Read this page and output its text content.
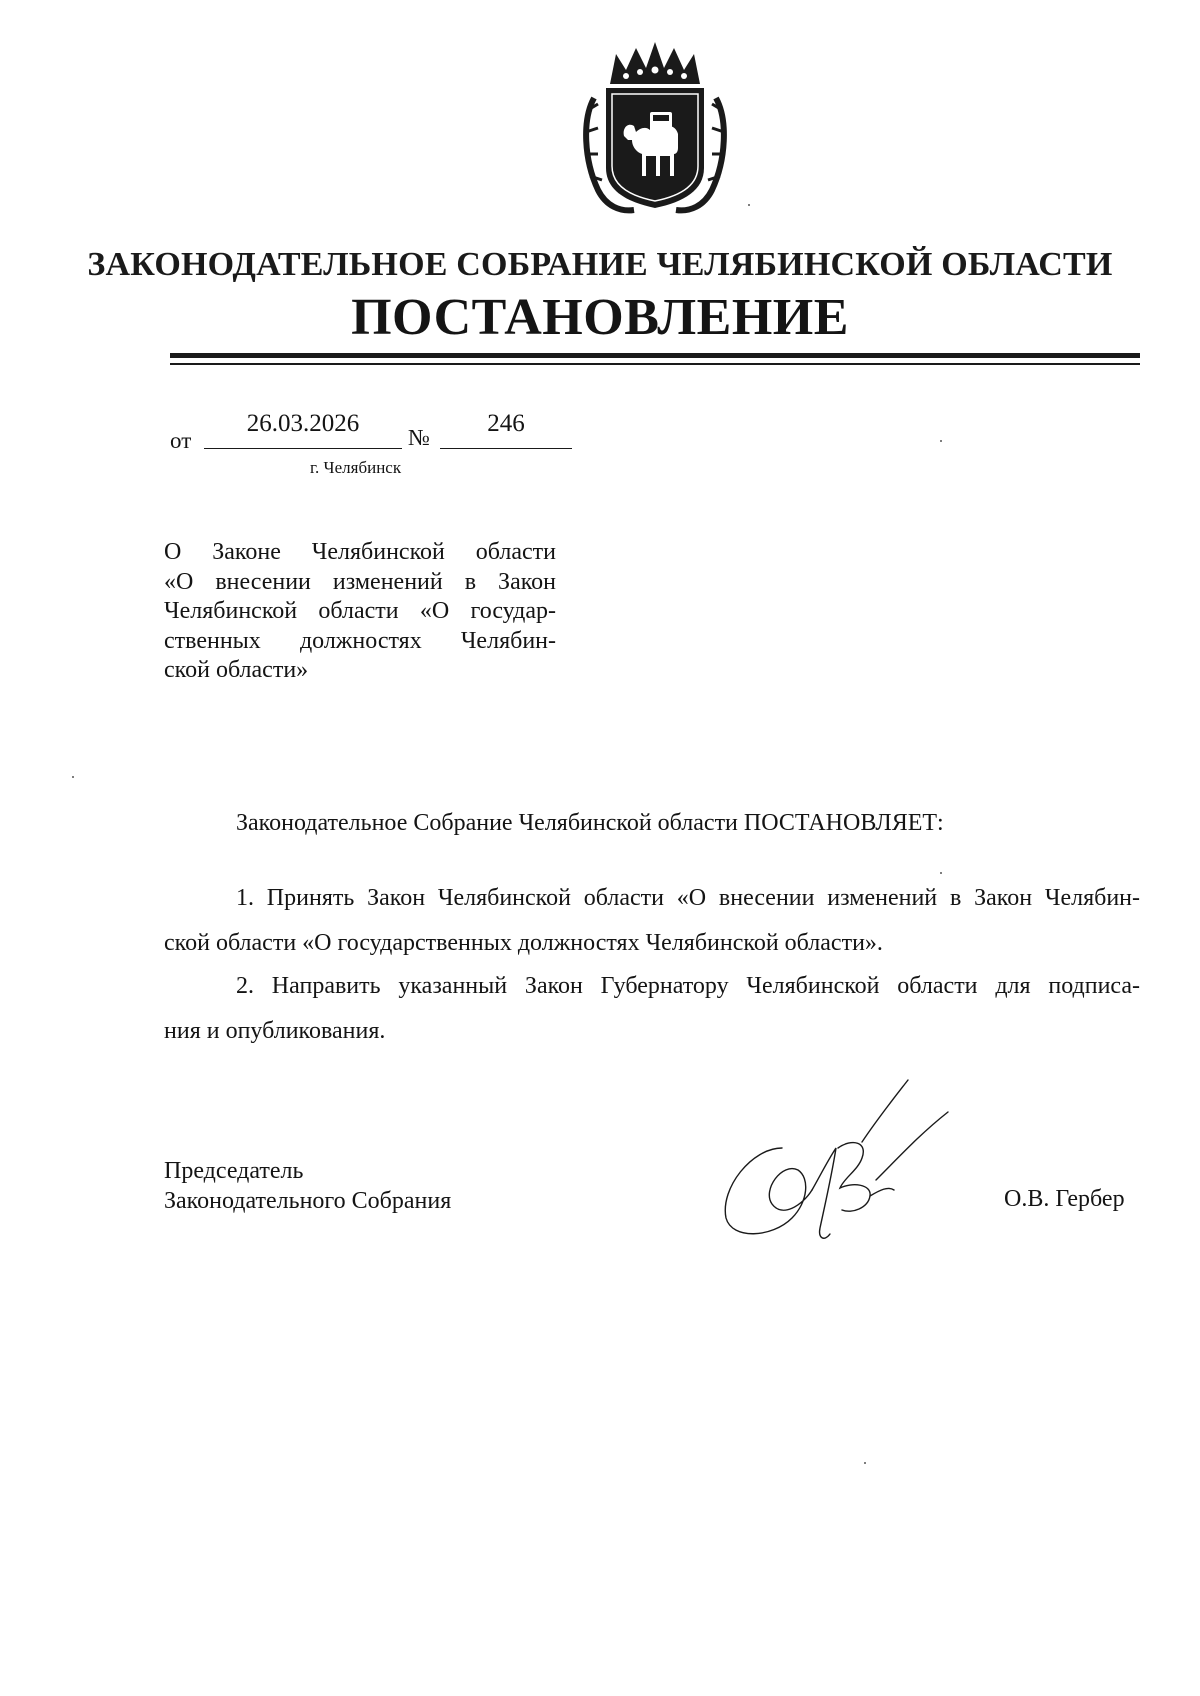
ЗАКОНОДАТЕЛЬНОЕ СОБРАНИЕ ЧЕЛЯБИНСКОЙ ОБЛАСТИ
ПОСТАНОВЛЕНИЕ
от
26.03.2026
№
246
г. Челябинск
О Законе Челябинской области
«О внесении изменений в Закон
Челябинской области «О государ-
ственных должностях Челябин-
ской области»
Законодательное Собрание Челябинской области ПОСТАНОВЛЯЕТ:
1. Принять Закон Челябинской области «О внесении изменений в Закон Челябин-
ской области «О государственных должностях Челябинской области».
2. Направить указанный Закон Губернатору Челябинской области для подписа-
ния и опубликования.
Председатель
Законодательного Собрания	О.В. Гербер
